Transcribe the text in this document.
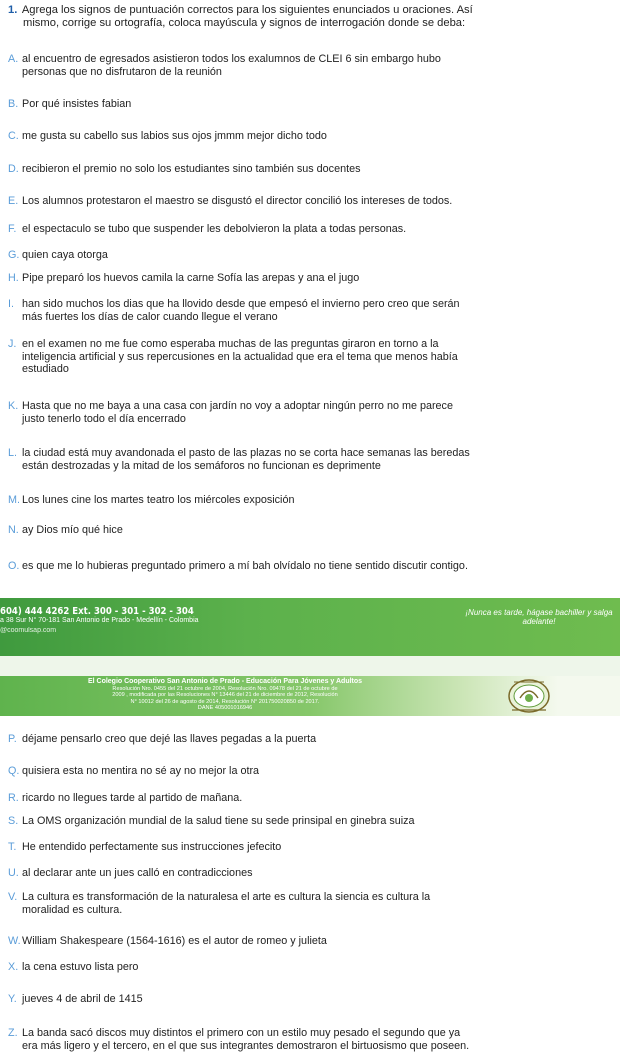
1. Agrega los signos de puntuación correctos para los siguientes enunciados u oraciones. Así
mismo, corrige su ortografía, coloca mayúscula y signos de interrogación donde se deba:
604) 444 4262 Ext. 300 - 301 - 302 - 304
a 38 Sur N° 70-181 San Antonio de Prado - Medellín - Colombia
@coomulsap.com
¡Nunca es tarde, hágase bachiller y salga adelante!
El Colegio Cooperativo San Antonio de Prado - Educación Para Jóvenes y Adultos
Resolución Nro. 0455 del 21 octubre de 2004, Resolución Nro. 09478 del 21 de octubre de
2009 , modificada por las Resoluciones N° 13446 del 21 de diciembre de 2012, Resolución
N° 10012 del 26 de agosto de 2014, Resolución N° 201750020850 de 2017.
DANE 405001016946
A. al encuentro de egresados asistieron todos los exalumnos de CLEI 6 sin embargo hubo
personas que no disfrutaron de la reunión
B. Por qué insistes fabian
C. me gusta su cabello sus labios sus ojos jmmm mejor dicho todo
D. recibieron el premio no solo los estudiantes sino también sus docentes
E. Los alumnos protestaron el maestro se disgustó el director concilió los intereses de todos.
F. el espectaculo se tubo que suspender les debolvieron la plata a todas personas.
G. quien caya otorga
H. Pipe preparó los huevos camila la carne Sofía las arepas y ana el jugo
I. han sido muchos los dias que ha llovido desde que empesó el invierno pero creo que serán
más fuertes los días de calor cuando llegue el verano
J. en el examen no me fue como esperaba muchas de las preguntas giraron en torno a la
inteligencia artificial y sus repercusiones en la actualidad que era el tema que menos había
estudiado
K. Hasta que no me baya a una casa con jardín no voy a adoptar ningún perro no me parece
justo tenerlo todo el día encerrado
L. la ciudad está muy avandonada el pasto de las plazas no se corta hace semanas las beredas
están destrozadas y la mitad de los semáforos no funcionan es deprimente
M. Los lunes cine los martes teatro los miércoles exposición
N. ay Dios mío qué hice
O. es que me lo hubieras preguntado primero a mí bah olvídalo no tiene sentido discutir contigo.
P. déjame pensarlo creo que dejé las llaves pegadas a la puerta
Q. quisiera esta no mentira no sé ay no mejor la otra
R. ricardo no llegues tarde al partido de mañana.
S. La OMS organización mundial de la salud tiene su sede prinsipal en ginebra suiza
T. He entendido perfectamente sus instrucciones jefecito
U. al declarar ante un jues calló en contradicciones
V. La cultura es transformación de la naturalesa el arte es cultura la siencia es cultura la
moralidad es cultura.
W.William Shakespeare (1564-1616) es el autor de romeo y julieta
X. la cena estuvo lista pero
Y. jueves 4 de abril de 1415
Z. La banda sacó discos muy distintos el primero con un estilo muy pesado el segundo que ya
era más ligero y el tercero, en el que sus integrantes demostraron el birtuosismo que poseen.
